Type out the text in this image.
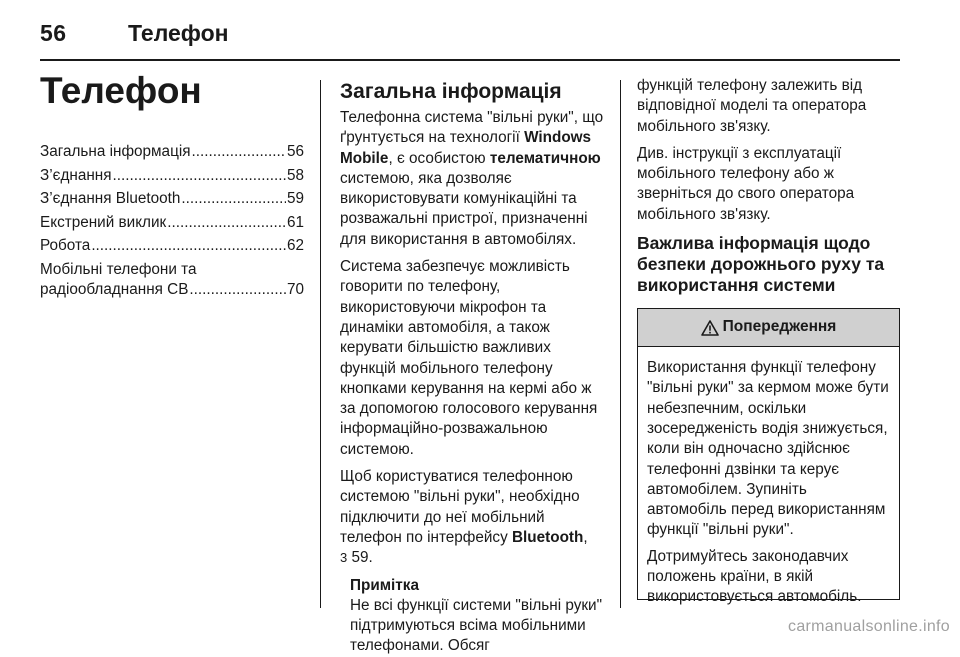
56	Телефон
Телефон
Загальна інформація .....	56
З’єднання .....	58
З’єднання Bluetooth .....	59
Екстрений виклик .....	61
Робота .....	62
Мобільні телефони та
радіообладнання CB .....	70
Загальна інформація

Телефонна система "вільні руки", що ґрунтується на технології Windows Mobile, є особистою телематичною системою, яка дозволяє використовувати комунікаційні та розважальні пристрої, призначенні для використання в автомобілях.

Система забезпечує можливість говорити по телефону, використовуючи мікрофон та динаміки автомобіля, а також керувати більшістю важливих функцій мобільного телефону кнопками керування на кермі або ж за допомогою голосового керування інформаційно-розважальною системою.

Щоб користуватися телефонною системою "вільні руки", необхідно підключити до неї мобільний телефон по інтерфейсу Bluetooth,
3 59.

Примітка

Не всі функції системи "вільні руки" підтримуються всіма мобільними телефонами. Обсяг

функцій телефону залежить від відповідної моделі та оператора мобільного зв'язку.

Див. інструкції з експлуатації мобільного телефону або ж зверніться до свого оператора мобільного зв'язку.

Важлива інформація щодо безпеки дорожнього руху та використання системи

Попередження

Використання функції телефону "вільні руки" за кермом може бути небезпечним, оскільки зосередженість водія знижується, коли він одночасно здійснює телефонні дзвінки та керує автомобілем. Зупиніть автомобіль перед використанням функції "вільні руки".

Дотримуйтесь законодавчих положень країни, в якій використовується автомобіль.

carmanualsonline.info
